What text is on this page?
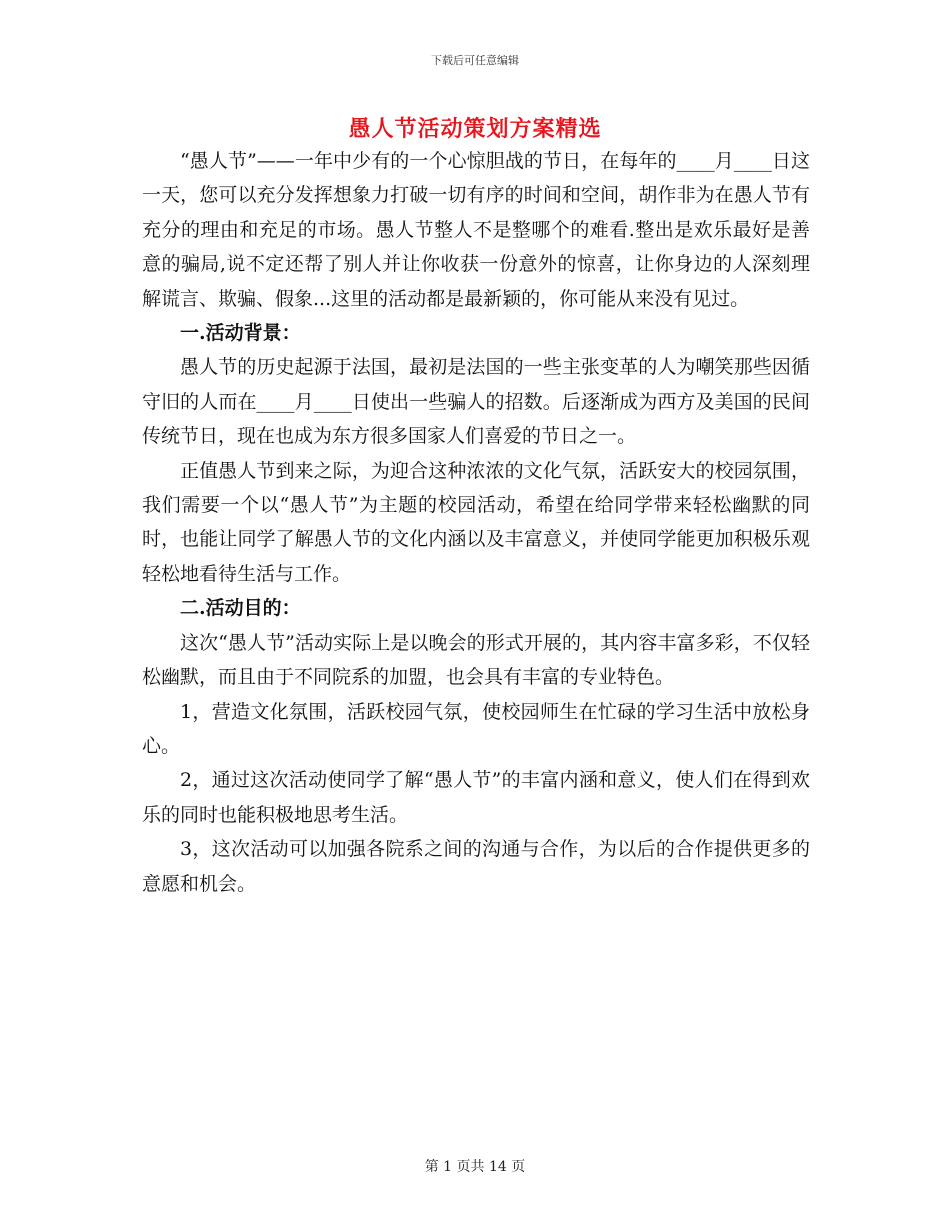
下载后可任意编辑
愚人节活动策划方案精选

“愚人节”——一年中少有的一个心惊胆战的节日，在每年的____月____日这一天，您可以充分发挥想象力打破一切有序的时间和空间，胡作非为在愚人节有充分的理由和充足的市场。愚人节整人不是整哪个的难看.整出是欢乐最好是善意的骗局,说不定还帮了别人并让你收获一份意外的惊喜，让你身边的人深刻理解谎言、欺骗、假象...这里的活动都是最新颖的，你可能从来没有见过。

一.活动背景：

愚人节的历史起源于法国，最初是法国的一些主张变革的人为嘲笑那些因循守旧的人而在____月____日使出一些骗人的招数。后逐渐成为西方及美国的民间传统节日，现在也成为东方很多国家人们喜爱的节日之一。

正值愚人节到来之际，为迎合这种浓浓的文化气氛，活跃安大的校园氛围，我们需要一个以“愚人节”为主题的校园活动，希望在给同学带来轻松幽默的同时，也能让同学了解愚人节的文化内涵以及丰富意义，并使同学能更加积极乐观轻松地看待生活与工作。

二.活动目的：

这次“愚人节”活动实际上是以晚会的形式开展的，其内容丰富多彩，不仅轻松幽默，而且由于不同院系的加盟，也会具有丰富的专业特色。

1，营造文化氛围，活跃校园气氛，使校园师生在忙碌的学习生活中放松身心。

2，通过这次活动使同学了解“愚人节”的丰富内涵和意义，使人们在得到欢乐的同时也能积极地思考生活。

3，这次活动可以加强各院系之间的沟通与合作，为以后的合作提供更多的意愿和机会。

第 1 页共 14 页
